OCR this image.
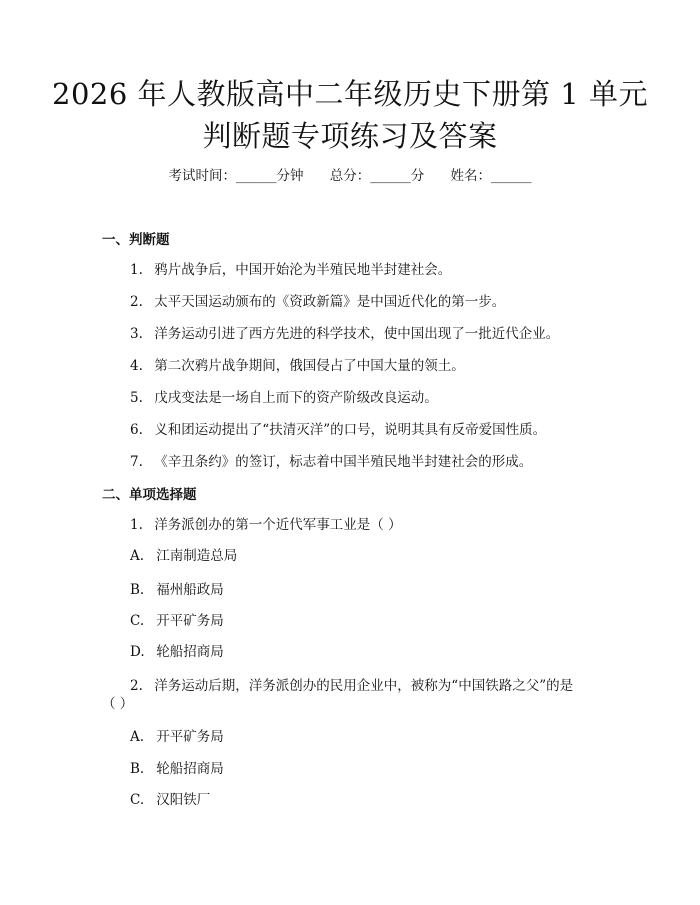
2026 年人教版高中二年级历史下册第 1 单元
判断题专项练习及答案
考试时间：______分钟 总分：______分 姓名：______
一、判断题
1. 鸦片战争后，中国开始沦为半殖民地半封建社会。
2. 太平天国运动颁布的《资政新篇》是中国近代化的第一步。
3. 洋务运动引进了西方先进的科学技术，使中国出现了一批近代企业。
4. 第二次鸦片战争期间，俄国侵占了中国大量的领土。
5. 戊戌变法是一场自上而下的资产阶级改良运动。
6. 义和团运动提出了“扶清灭洋”的口号，说明其具有反帝爱国性质。
7. 《辛丑条约》的签订，标志着中国半殖民地半封建社会的形成。
二、单项选择题
1. 洋务派创办的第一个近代军事工业是（ ）
A. 江南制造总局
B. 福州船政局
C. 开平矿务局
D. 轮船招商局
2. 洋务运动后期，洋务派创办的民用企业中，被称为“中国铁路之父”的是
（ ）
A. 开平矿务局
B. 轮船招商局
C. 汉阳铁厂
